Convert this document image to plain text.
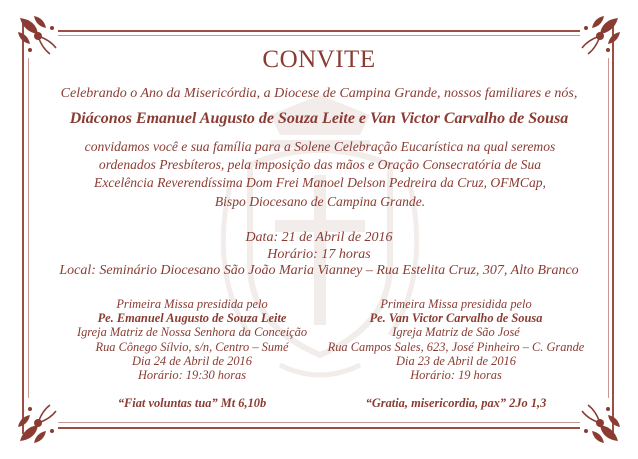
CONVITE
Celebrando o Ano da Misericórdia, a Diocese de Campina Grande, nossos familiares e nós,
Diáconos Emanuel Augusto de Souza Leite e Van Victor Carvalho de Sousa
convidamos você e sua família para a Solene Celebração Eucarística na qual seremos ordenados Presbíteros, pela imposição das mãos e Oração Consecratória de Sua Excelência Reverendíssima Dom Frei Manoel Delson Pedreira da Cruz, OFMCap, Bispo Diocesano de Campina Grande.
Data: 21 de Abril de 2016
Horário: 17 horas
Local: Seminário Diocesano São João Maria Vianney – Rua Estelita Cruz, 307, Alto Branco
Primeira Missa presidida pelo
Pe. Emanuel Augusto de Souza Leite
Igreja Matriz de Nossa Senhora da Conceição
Rua Cônego Sílvio, s/n, Centro – Sumé
Dia 24 de Abril de 2016
Horário: 19:30 horas
Primeira Missa presidida pelo
Pe. Van Victor Carvalho de Sousa
Igreja Matriz de São José
Rua Campos Sales, 623, José Pinheiro – C. Grande
Dia 23 de Abril de 2016
Horário: 19 horas
“Fiat voluntas tua” Mt 6,10b	“Gratia, misericordia, pax” 2Jo 1,3
